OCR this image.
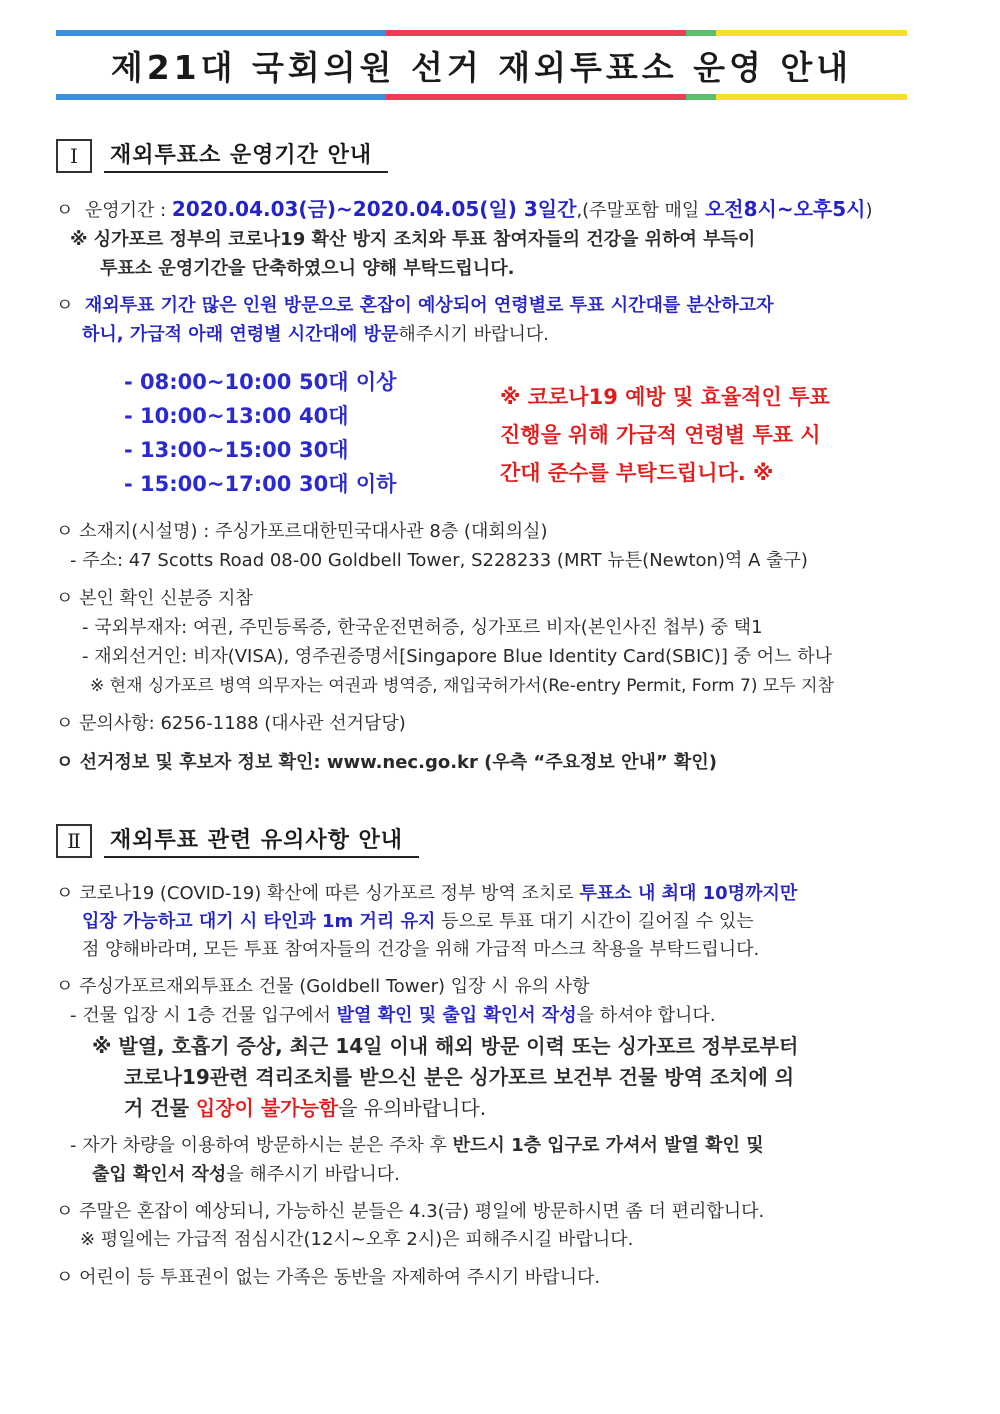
제21대 국회의원 선거 재외투표소 운영 안내
Ⅰ	재외투표소 운영기간 안내
ㅇ 운영기간 : 2020.04.03(금)~2020.04.05(일) 3일간,(주말포함 매일 오전8시~오후5시)
※ 싱가포르 정부의 코로나19 확산 방지 조치와 투표 참여자들의 건강을 위하여 부득이
투표소 운영기간을 단축하였으니 양해 부탁드립니다.
ㅇ 재외투표 기간 많은 인원 방문으로 혼잡이 예상되어 연령별로 투표 시간대를 분산하고자
하니, 가급적 아래 연령별 시간대에 방문해주시기 바랍니다.
- 08:00~10:00 50대 이상
- 10:00~13:00 40대
- 13:00~15:00 30대
- 15:00~17:00 30대 이하
※ 코로나19 예방 및 효율적인 투표
진행을 위해 가급적 연령별 투표 시
간대 준수를 부탁드립니다. ※
ㅇ 소재지(시설명) : 주싱가포르대한민국대사관 8층 (대회의실)
- 주소: 47 Scotts Road 08-00 Goldbell Tower, S228233 (MRT 뉴튼(Newton)역 A 출구)
ㅇ 본인 확인 신분증 지참
- 국외부재자: 여권, 주민등록증, 한국운전면허증, 싱가포르 비자(본인사진 첩부) 중 택1
- 재외선거인: 비자(VISA), 영주권증명서[Singapore Blue Identity Card(SBIC)] 중 어느 하나
※ 현재 싱가포르 병역 의무자는 여권과 병역증, 재입국허가서(Re-entry Permit, Form 7) 모두 지참
ㅇ 문의사항: 6256-1188 (대사관 선거담당)
ㅇ 선거정보 및 후보자 정보 확인: www.nec.go.kr (우측 “주요정보 안내” 확인)
Ⅱ	재외투표 관련 유의사항 안내
ㅇ 코로나19 (COVID-19) 확산에 따른 싱가포르 정부 방역 조치로 투표소 내 최대 10명까지만
입장 가능하고 대기 시 타인과 1m 거리 유지 등으로 투표 대기 시간이 길어질 수 있는
점 양해바라며, 모든 투표 참여자들의 건강을 위해 가급적 마스크 착용을 부탁드립니다.
ㅇ 주싱가포르재외투표소 건물 (Goldbell Tower) 입장 시 유의 사항
- 건물 입장 시 1층 건물 입구에서 발열 확인 및 출입 확인서 작성을 하셔야 합니다.
※ 발열, 호흡기 증상, 최근 14일 이내 해외 방문 이력 또는 싱가포르 정부로부터
코로나19관련 격리조치를 받으신 분은 싱가포르 보건부 건물 방역 조치에 의
거 건물 입장이 불가능함을 유의바랍니다.
- 자가 차량을 이용하여 방문하시는 분은 주차 후 반드시 1층 입구로 가셔서 발열 확인 및
출입 확인서 작성을 해주시기 바랍니다.
ㅇ 주말은 혼잡이 예상되니, 가능하신 분들은 4.3(금) 평일에 방문하시면 좀 더 편리합니다.
※ 평일에는 가급적 점심시간(12시~오후 2시)은 피해주시길 바랍니다.
ㅇ 어린이 등 투표권이 없는 가족은 동반을 자제하여 주시기 바랍니다.
